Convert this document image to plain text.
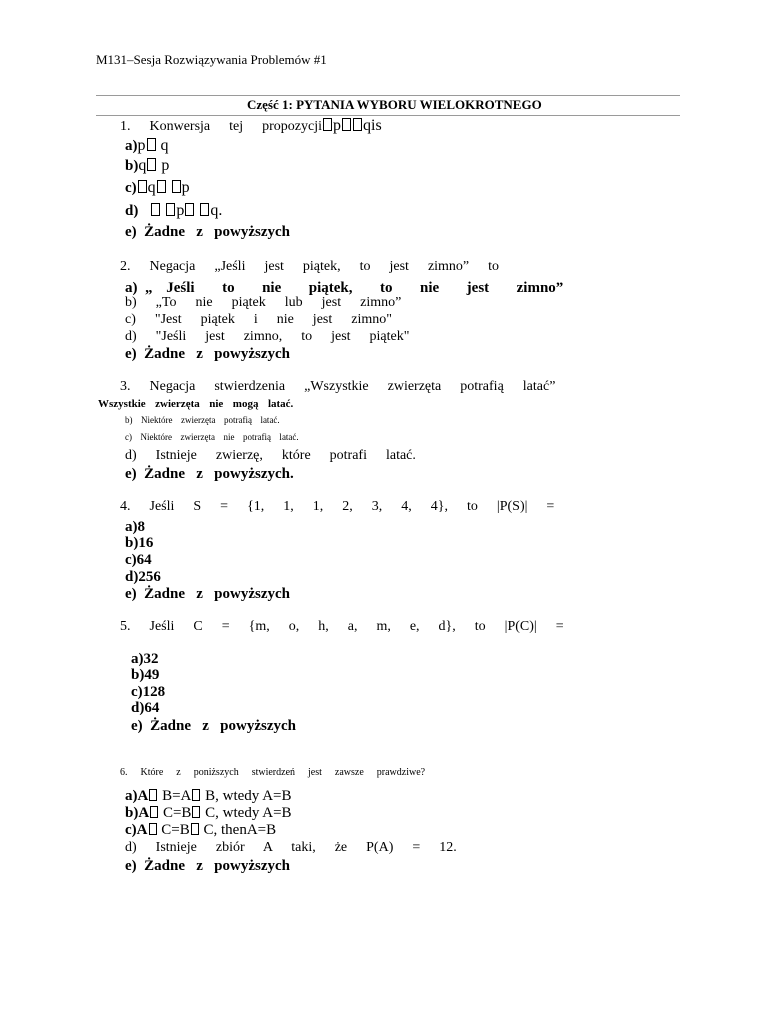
M131–Sesja Rozwiązywania Problemów #1
Część 1: PYTANIA WYBORU WIELOKROTNEGO
1.  Konwersja  tej  propozycji p qis
a)p q
b)q p
c) q p
d) p q.
e) Żadne   z   powyższych
2.  Negacja  „Jeśli  jest  piątek,  to  jest  zimno”  to
a) „ Jeśli  to  nie  piątek,  to  nie  jest  zimno”
b) „To  nie  piątek  lub  jest  zimno”
c) "Jest  piątek  i  nie  jest  zimno"
d) "Jeśli  jest  zimno,  to  jest  piątek"
e) Żadne   z   powyższych
3.  Negacja  stwierdzenia  „Wszystkie  zwierzęta  potrafią  latać”
Wszystkie  zwierzęta  nie  mogą  latać.
b) Niektóre  zwierzęta  potrafią  latać.
c) Niektóre  zwierzęta  nie  potrafią  latać.
d) Istnieje  zwierzę,  które  potrafi  latać.
e) Żadne   z   powyższych.
4.  Jeśli  S  =  {1,  1,  1,  2,  3,  4,  4},  to  |P(S)|  =
a)8
b)16
c)64
d)256
e) Żadne   z   powyższych
5.  Jeśli  C  =  {m,  o,  h,  a,  m,  e,  d},  to  |P(C)|  =
a)32
b)49
c)128
d)64
e) Żadne   z   powyższych
6.  Które  z  poniższych  stwierdzeń  jest  zawsze  prawdziwe?
a)A B=A B, wtedy A=B
b)A C=B C, wtedy A=B
c)A C=B C, thenA=B
d) Istnieje  zbiór  A  taki,  że  P(A)  =  12.
e) Żadne   z   powyższych
